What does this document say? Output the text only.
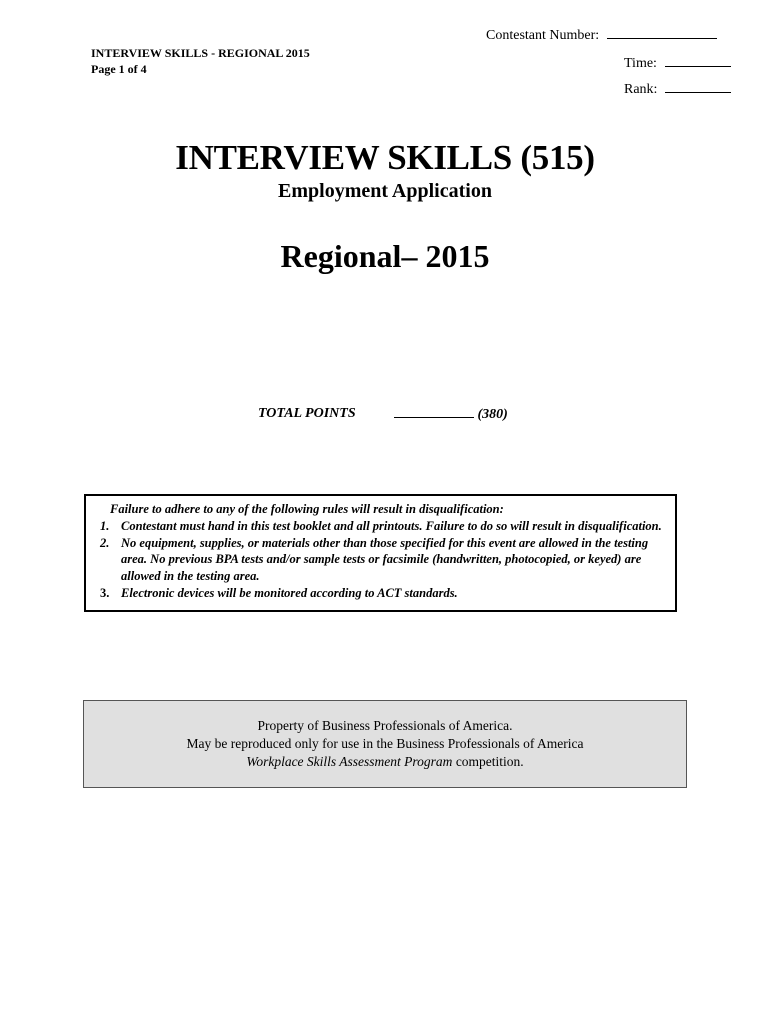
INTERVIEW SKILLS - REGIONAL 2015
Page 1 of 4
Contestant Number:
Time:
Rank:
INTERVIEW SKILLS (515)
Employment Application
Regional– 2015
TOTAL POINTS	(380)
Failure to adhere to any of the following rules will result in disqualification:
1. Contestant must hand in this test booklet and all printouts. Failure to do so will result in disqualification.
2. No equipment, supplies, or materials other than those specified for this event are allowed in the testing area. No previous BPA tests and/or sample tests or facsimile (handwritten, photocopied, or keyed) are allowed in the testing area.
3. Electronic devices will be monitored according to ACT standards.
Property of Business Professionals of America.
May be reproduced only for use in the Business Professionals of America
Workplace Skills Assessment Program competition.
